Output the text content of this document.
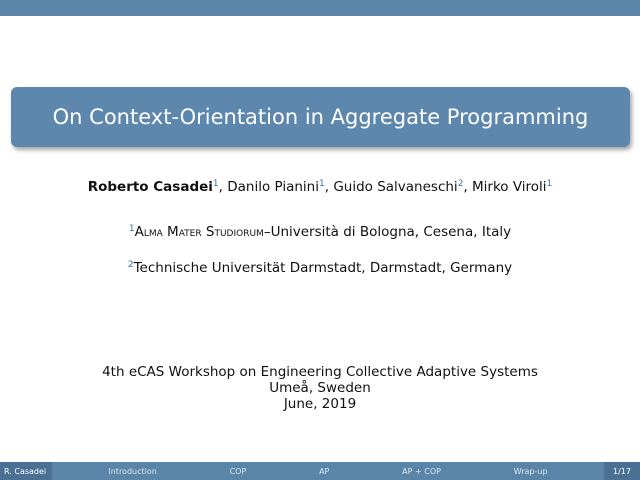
On Context-Orientation in Aggregate Programming
Roberto Casadei$^1$, Danilo Pianini$^1$, Guido Salvaneschi$^2$, Mirko Viroli$^1$
$^1$Alma Mater Studiorum–Università di Bologna, Cesena, Italy
$^2$Technische Universität Darmstadt, Darmstadt, Germany
4th eCAS Workshop on Engineering Collective Adaptive Systems
Umeå, Sweden
June, 2019
R. Casadei	Introduction	COP	AP	AP + COP	Wrap-up	1/17
